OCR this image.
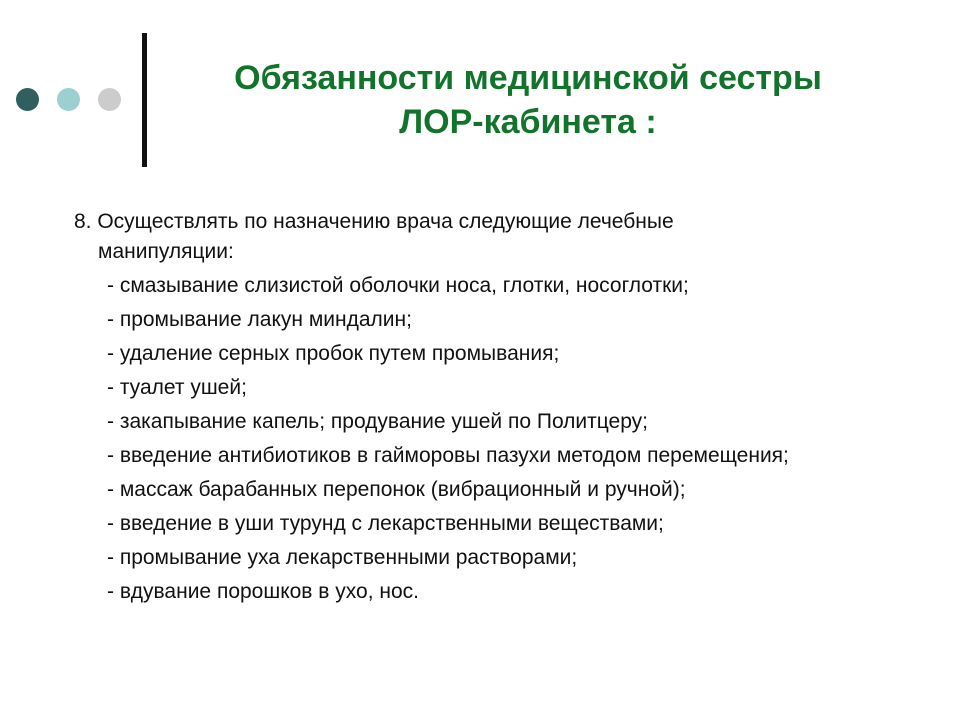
Обязанности медицинской сестры
ЛОР-кабинета :
8. Осуществлять по назначению врача следующие лечебные
манипуляции:
- смазывание слизистой оболочки носа, глотки, носоглотки;
- промывание лакун миндалин;
- удаление серных пробок путем промывания;
- туалет ушей;
- закапывание капель; продувание ушей по Политцеру;
- введение антибиотиков в гайморовы пазухи методом перемещения;
- массаж барабанных перепонок (вибрационный и ручной);
- введение в уши турунд с лекарственными веществами;
- промывание уха лекарственными растворами;
- вдувание порошков в ухо, нос.
